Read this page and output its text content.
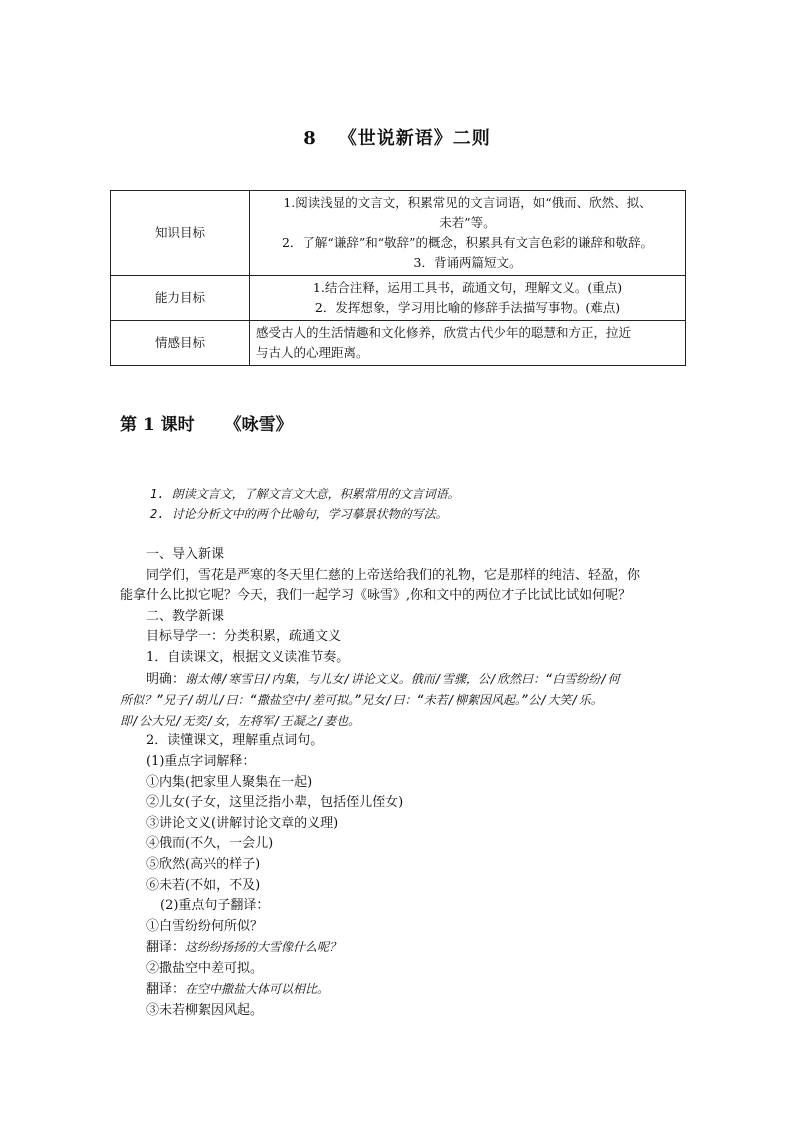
8 《世说新语》二则
知识目标	1.阅读浅显的文言文，积累常见的文言词语，如“俄而、欣然、拟、
未若”等。
2．了解“谦辞”和“敬辞”的概念，积累具有文言色彩的谦辞和敬辞。
3．背诵两篇短文。

能力目标	1.结合注释，运用工具书，疏通文句，理解文义。(重点)
2．发挥想象，学习用比喻的修辞手法描写事物。(难点)

情感目标	感受古人的生活情趣和文化修养，欣赏古代少年的聪慧和方正，拉近
与古人的心理距离。
第 1 课时 《咏雪》
1. 朗读文言文，了解文言文大意，积累常用的文言词语。
2. 讨论分析文中的两个比喻句，学习摹景状物的写法。
一、导入新课
同学们，雪花是严寒的冬天里仁慈的上帝送给我们的礼物，它是那样的纯洁、轻盈，你
能拿什么比拟它呢？今天，我们一起学习《咏雪》,你和文中的两位才子比试比试如何呢？
二、教学新课
目标导学一：分类积累，疏通文义
1．自读课文，根据文义读准节奏。
明确：谢太傅/寒雪日/内集，与儿女/讲论文义。俄而/雪骤，公/欣然曰：“白雪纷纷/何
所似？”兄子/胡儿/曰：“撒盐空中/差可拟。”兄女/曰：“未若/柳絮因风起。”公/大笑/乐。
即/公大兄/无奕/女，左将军/王凝之/妻也。
2．读懂课文，理解重点词句。
(1)重点字词解释：
①内集(把家里人聚集在一起)
②儿女(子女，这里泛指小辈，包括侄儿侄女)
③讲论文义(讲解讨论文章的义理)
④俄而(不久，一会儿)
⑤欣然(高兴的样子)
⑥未若(不如，不及)
(2)重点句子翻译：
①白雪纷纷何所似？
翻译：这纷纷扬扬的大雪像什么呢？
②撒盐空中差可拟。
翻译：在空中撒盐大体可以相比。
③未若柳絮因风起。
